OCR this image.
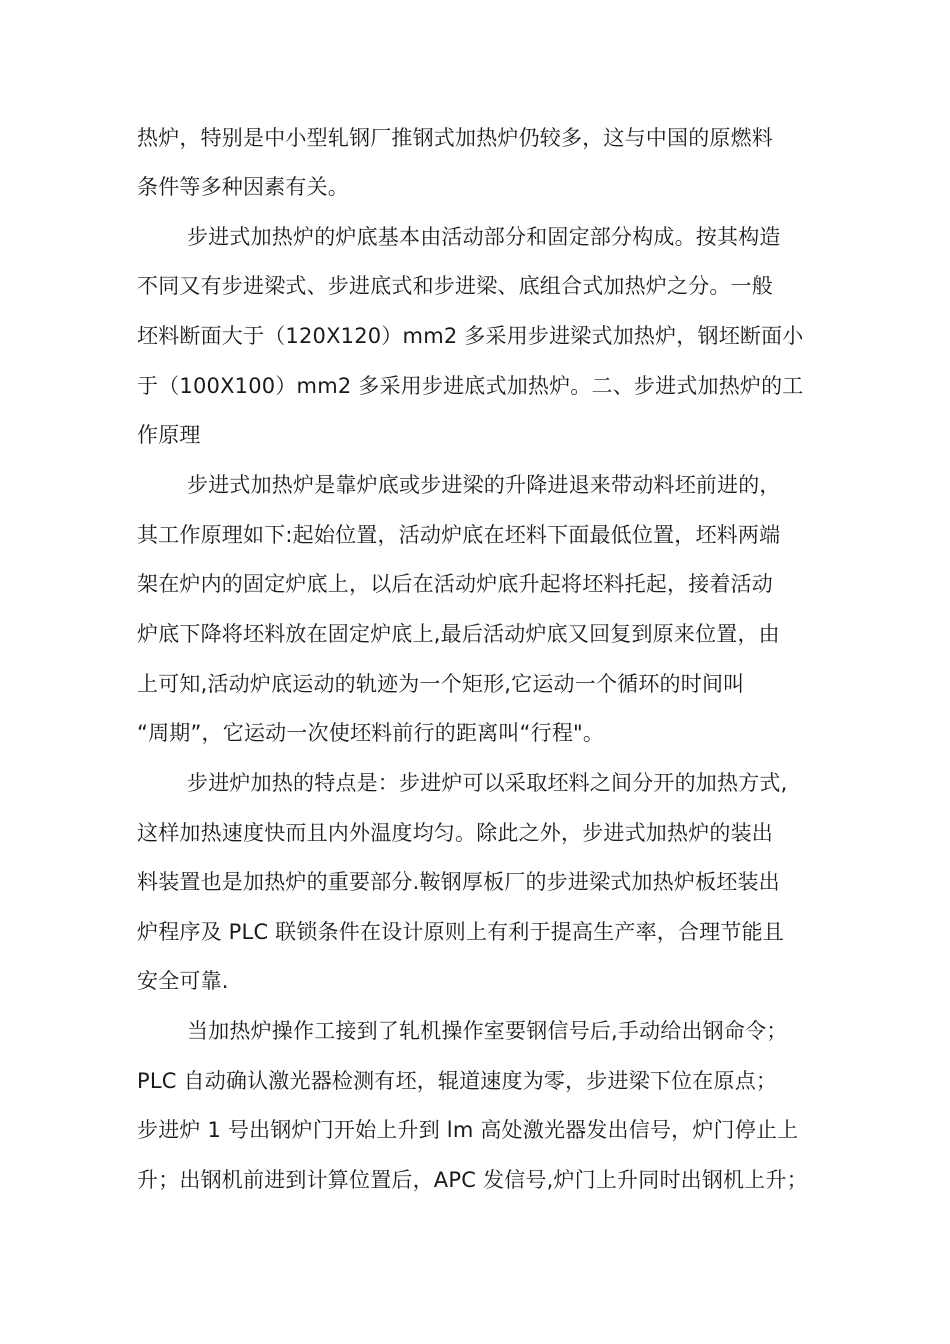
热炉，特别是中小型轧钢厂推钢式加热炉仍较多，这与中国的原燃料
条件等多种因素有关。
步进式加热炉的炉底基本由活动部分和固定部分构成。按其构造
不同又有步进梁式、步进底式和步进梁、底组合式加热炉之分。一般
坯料断面大于（120X120）mm2 多采用步进梁式加热炉，钢坯断面小
于（100X100）mm2 多采用步进底式加热炉。二、步进式加热炉的工
作原理
步进式加热炉是靠炉底或步进梁的升降进退来带动料坯前进的，
其工作原理如下:起始位置，活动炉底在坯料下面最低位置，坯料两端
架在炉内的固定炉底上，以后在活动炉底升起将坯料托起，接着活动
炉底下降将坯料放在固定炉底上,最后活动炉底又回复到原来位置，由
上可知,活动炉底运动的轨迹为一个矩形,它运动一个循环的时间叫
“周期”，它运动一次使坯料前行的距离叫“行程"。
步进炉加热的特点是：步进炉可以采取坯料之间分开的加热方式,
这样加热速度快而且内外温度均匀。除此之外，步进式加热炉的装出
料装置也是加热炉的重要部分.鞍钢厚板厂的步进梁式加热炉板坯装出
炉程序及 PLC 联锁条件在设计原则上有利于提高生产率，合理节能且
安全可靠.
当加热炉操作工接到了轧机操作室要钢信号后,手动给出钢命令；
PLC 自动确认激光器检测有坯，辊道速度为零，步进梁下位在原点；
步进炉 1 号出钢炉门开始上升到 lm 高处激光器发出信号，炉门停止上
升；出钢机前进到计算位置后，APC 发信号,炉门上升同时出钢机上升；
